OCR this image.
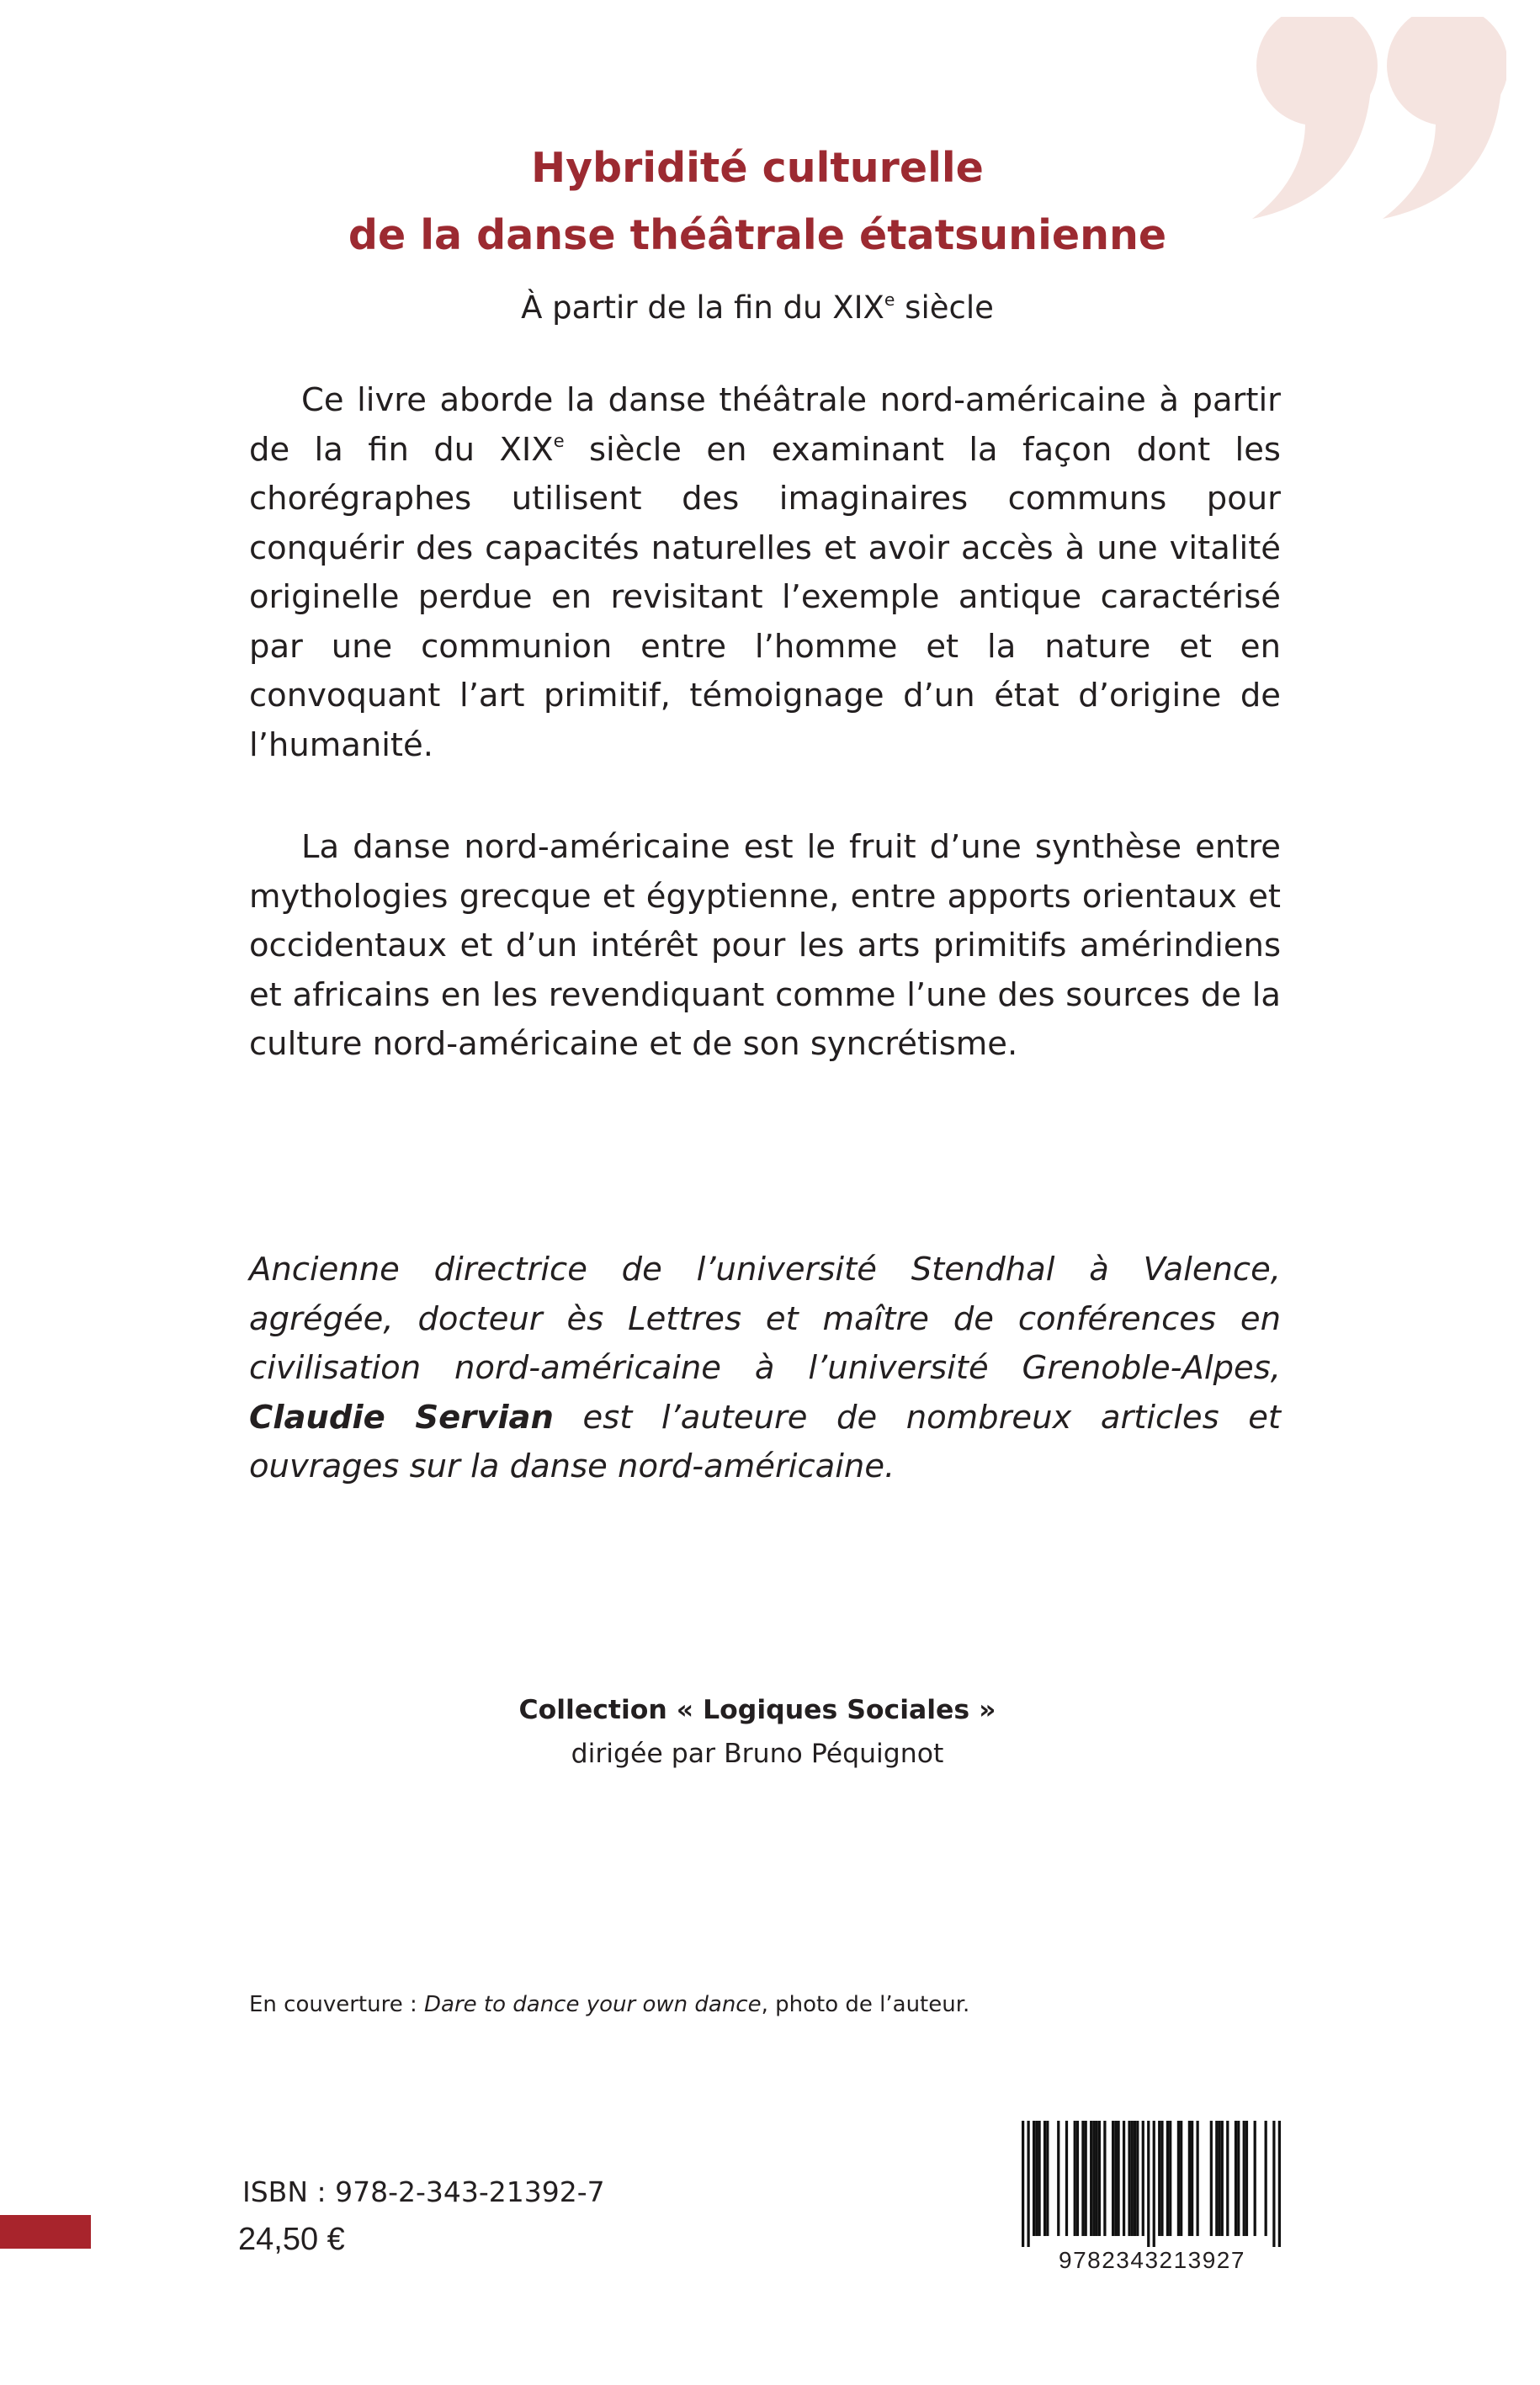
Hybridité culturelle
de la danse théâtrale étatsunienne

À partir de la fin du XIXe siècle

Ce livre aborde la danse théâtrale nord-américaine à partir de la fin du XIXe siècle en examinant la façon dont les chorégraphes utilisent des imaginaires communs pour conquérir des capacités naturelles et avoir accès à une vitalité originelle perdue en revisitant l’exemple antique caractérisé par une communion entre l’homme et la nature et en convoquant l’art primitif, témoignage d’un état d’origine de l’humanité.

La danse nord-américaine est le fruit d’une synthèse entre mythologies grecque et égyptienne, entre apports orientaux et occidentaux et d’un intérêt pour les arts primitifs amérindiens et africains en les revendiquant comme l’une des sources de la culture nord-américaine et de son syncrétisme.

Ancienne directrice de l’université Stendhal à Valence, agrégée, docteur ès Lettres et maître de conférences en civilisation nord-américaine à l’université Grenoble-Alpes, Claudie Servian est l’auteure de nombreux articles et ouvrages sur la danse nord-américaine.

Collection « Logiques Sociales »
dirigée par Bruno Péquignot

En couverture : Dare to dance your own dance, photo de l’auteur.

ISBN : 978-2-343-21392-7

24,50 €

9782343213927
